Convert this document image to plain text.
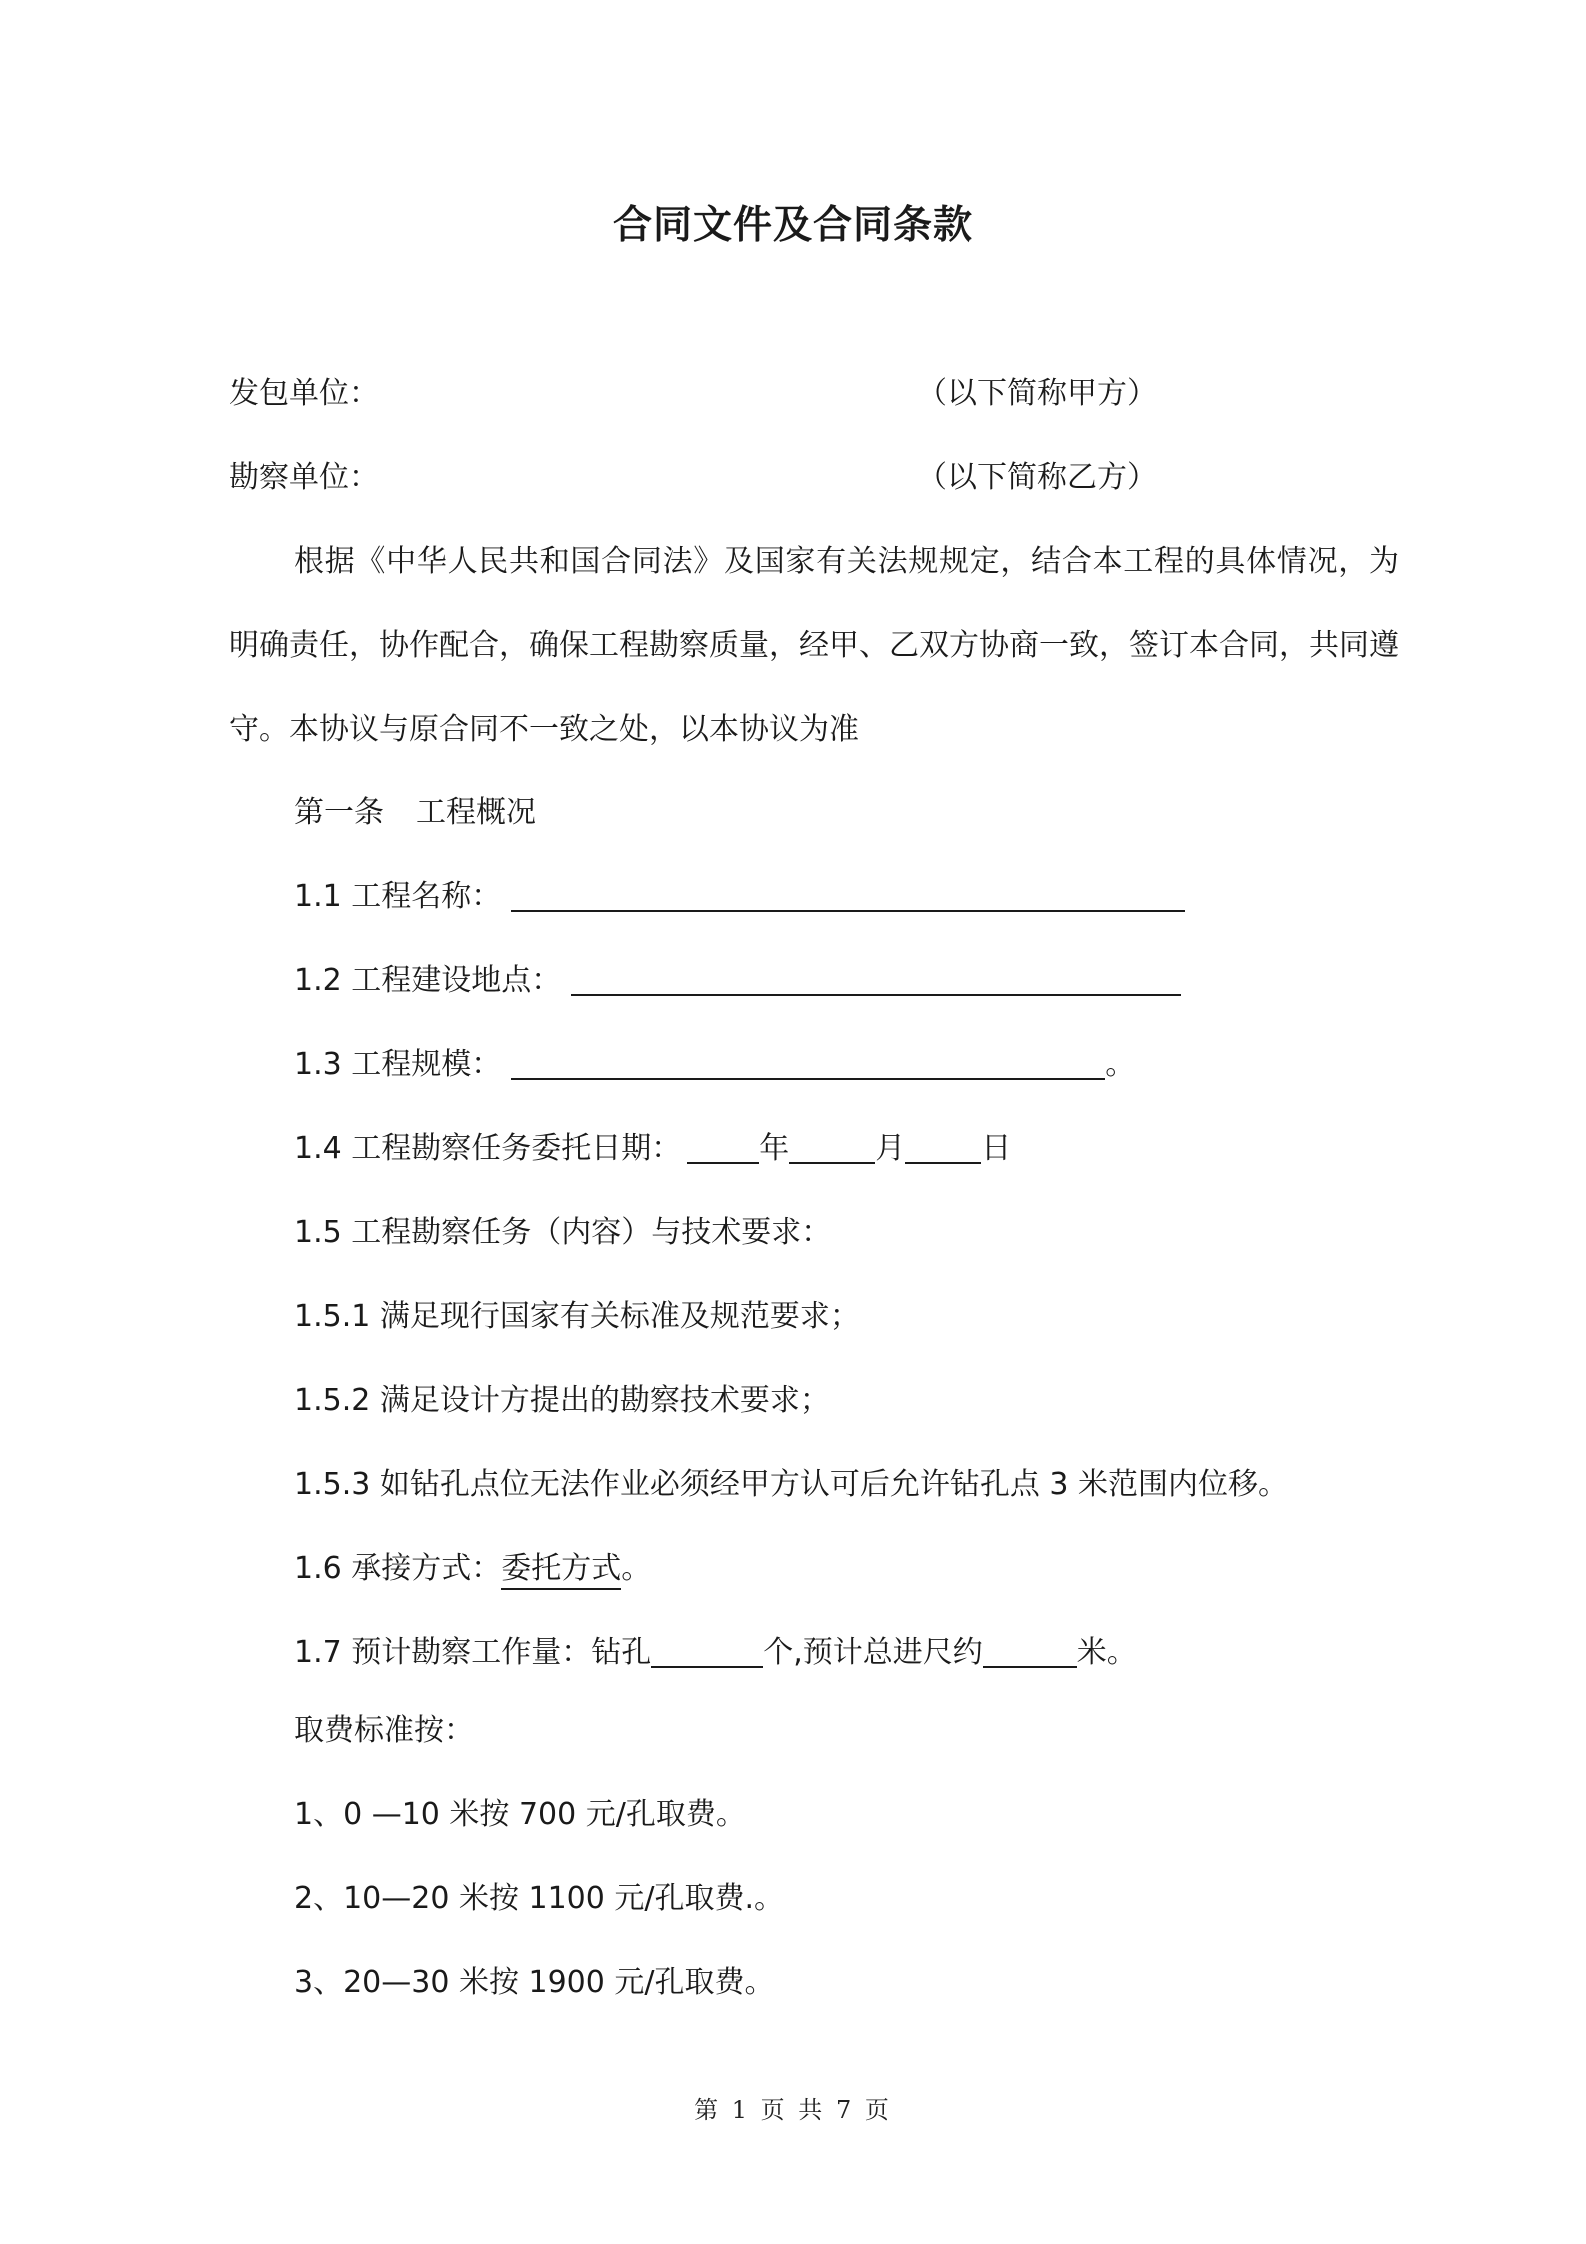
合同文件及合同条款
发包单位：	（以下简称甲方）
勘察单位：	（以下简称乙方）
根据《中华人民共和国合同法》及国家有关法规规定，结合本工程的具体情况，为明确责任，协作配合，确保工程勘察质量，经甲、乙双方协商一致，签订本合同，共同遵守。本协议与原合同不一致之处，以本协议为准
第一条 工程概况
1.1 工程名称：
1.2 工程建设地点：
1.3 工程规模：	。
1.4 工程勘察任务委托日期：	年	月	日
1.5 工程勘察任务（内容）与技术要求：
1.5.1 满足现行国家有关标准及规范要求；
1.5.2 满足设计方提出的勘察技术要求；
1.5.3 如钻孔点位无法作业必须经甲方认可后允许钻孔点 3 米范围内位移。
1.6 承接方式：委托方式。
1.7 预计勘察工作量：钻孔	个,预计总进尺约	米。
取费标准按：
1、0 —10 米按 700 元/孔取费。
2、10—20 米按 1100 元/孔取费.。
3、20—30 米按 1900 元/孔取费。
第 1 页 共 7 页
